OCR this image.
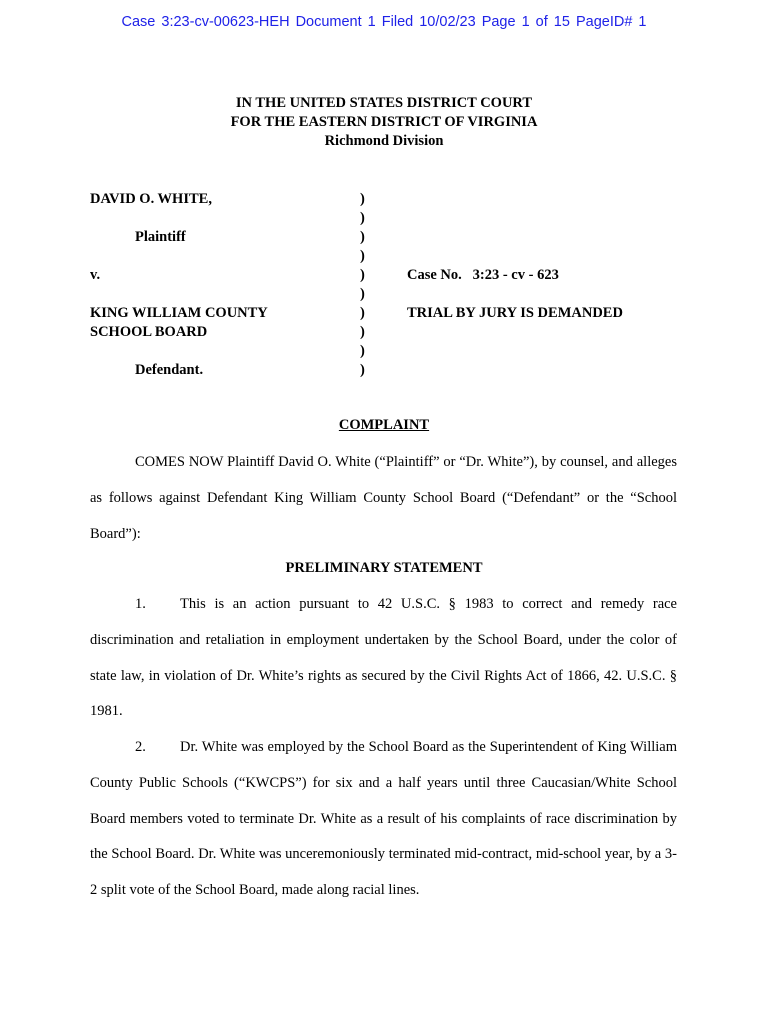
Case 3:23-cv-00623-HEH Document 1 Filed 10/02/23 Page 1 of 15 PageID# 1
IN THE UNITED STATES DISTRICT COURT
FOR THE EASTERN DISTRICT OF VIRGINIA
Richmond Division
DAVID O. WHITE,	)
)
Plaintiff	)
)
v.	)	Case No.   3:23 - cv - 623
)
KING WILLIAM COUNTY	)	TRIAL BY JURY IS DEMANDED
SCHOOL BOARD	)
)
Defendant.	)
COMPLAINT
COMES NOW Plaintiff David O. White (“Plaintiff” or “Dr. White”), by counsel, and alleges as follows against Defendant King William County School Board (“Defendant” or the “School Board”):
PRELIMINARY STATEMENT
1. This is an action pursuant to 42 U.S.C. § 1983 to correct and remedy race discrimination and retaliation in employment undertaken by the School Board, under the color of state law, in violation of Dr. White’s rights as secured by the Civil Rights Act of 1866, 42. U.S.C. § 1981.
2. Dr. White was employed by the School Board as the Superintendent of King William County Public Schools (“KWCPS”) for six and a half years until three Caucasian/White School Board members voted to terminate Dr. White as a result of his complaints of race discrimination by the School Board. Dr. White was unceremoniously terminated mid-contract, mid-school year, by a 3-2 split vote of the School Board, made along racial lines.
